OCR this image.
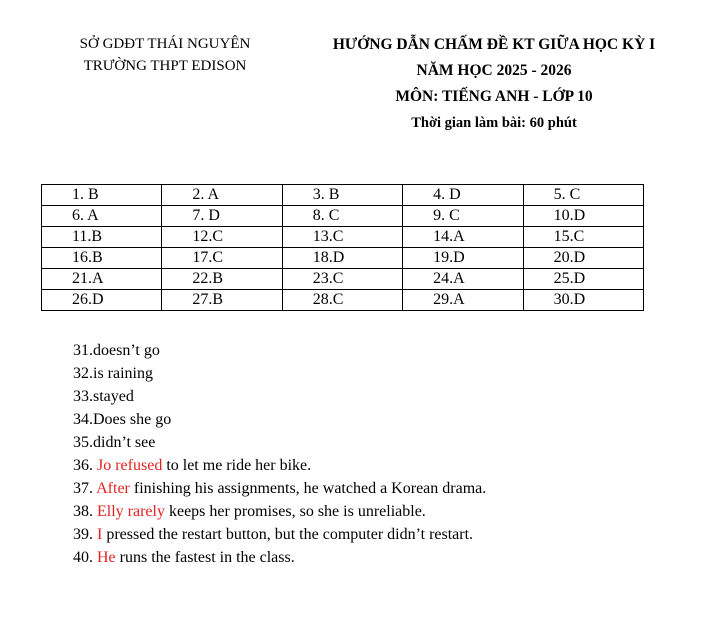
SỞ GDĐT THÁI NGUYÊN
TRƯỜNG THPT EDISON
HƯỚNG DẪN CHẤM ĐỀ KT GIỮA HỌC KỲ I
NĂM HỌC 2025 - 2026
MÔN: TIẾNG ANH - LỚP 10
Thời gian làm bài: 60 phút
1. B	2. A	3. B	4. D	5. C
6. A	7. D	8. C	9. C	10.D
11.B	12.C	13.C	14.A	15.C
16.B	17.C	18.D	19.D	20.D
21.A	22.B	23.C	24.A	25.D
26.D	27.B	28.C	29.A	30.D
31.doesn’t go
32.is raining
33.stayed
34.Does she go
35.didn’t see
36. Jo refused to let me ride her bike.
37. After finishing his assignments, he watched a Korean drama.
38. Elly rarely keeps her promises, so she is unreliable.
39. I pressed the restart button, but the computer didn’t restart.
40. He runs the fastest in the class.
